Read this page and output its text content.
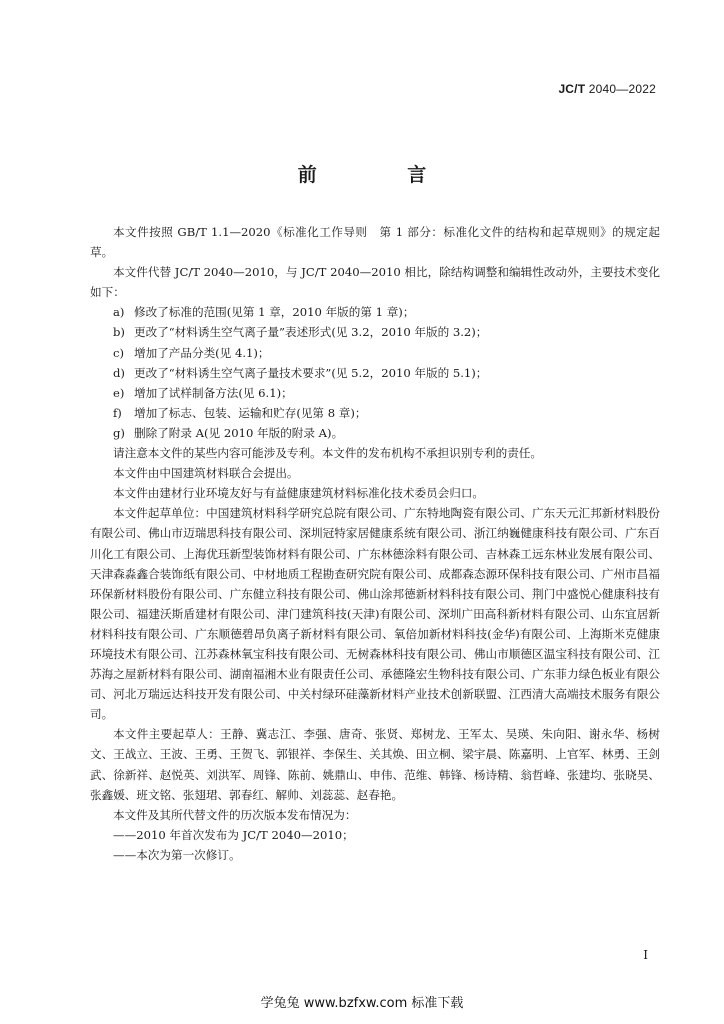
JC/T 2040—2022
前 言

本文件按照 GB/T 1.1—2020《标准化工作导则　第 1 部分：标准化文件的结构和起草规则》的规定起草。

本文件代替 JC/T 2040—2010，与 JC/T 2040—2010 相比，除结构调整和编辑性改动外，主要技术变化如下：

a) 修改了标准的范围(见第 1 章，2010 年版的第 1 章)；
b) 更改了“材料诱生空气离子量”表述形式(见 3.2，2010 年版的 3.2)；
c) 增加了产品分类(见 4.1)；
d) 更改了“材料诱生空气离子量技术要求”(见 5.2，2010 年版的 5.1)；
e) 增加了试样制备方法(见 6.1)；
f) 增加了标志、包装、运输和贮存(见第 8 章)；
g) 删除了附录 A(见 2010 年版的附录 A)。

请注意本文件的某些内容可能涉及专利。本文件的发布机构不承担识别专利的责任。

本文件由中国建筑材料联合会提出。

本文件由建材行业环境友好与有益健康建筑材料标准化技术委员会归口。

本文件起草单位：中国建筑材料科学研究总院有限公司、广东特地陶瓷有限公司、广东天元汇邦新材料股份有限公司、佛山市迈瑞思科技有限公司、深圳冠特家居健康系统有限公司、浙江纳巍健康科技有限公司、广东百川化工有限公司、上海优珏新型装饰材料有限公司、广东林德涂料有限公司、吉林森工远东林业发展有限公司、天津森淼鑫合装饰纸有限公司、中材地质工程勘查研究院有限公司、成都森态源环保科技有限公司、广州市昌福环保新材料股份有限公司、广东健立科技有限公司、佛山涂邦德新材料科技有限公司、荆门中盛悦心健康科技有限公司、福建沃斯盾建材有限公司、津门建筑科技(天津)有限公司、深圳广田高科新材料有限公司、山东宜居新材料科技有限公司、广东顺德碧昂负离子新材料有限公司、氧倍加新材料科技(金华)有限公司、上海斯米克健康环境技术有限公司、江苏森林氧宝科技有限公司、无树森林科技有限公司、佛山市顺德区温宝科技有限公司、江苏海之屋新材料有限公司、湖南福湘木业有限责任公司、承德隆宏生物科技有限公司、广东菲力绿色板业有限公司、河北万瑞远达科技开发有限公司、中关村绿环硅藻新材料产业技术创新联盟、江西清大高端技术服务有限公司。

本文件主要起草人：王静、冀志江、李强、唐奇、张贤、郑树龙、王军太、吴瑛、朱向阳、谢永华、杨树文、王战立、王波、王勇、王贺飞、郭银祥、李保生、关其焕、田立桐、梁宇晨、陈嘉明、上官军、林勇、王剑武、徐新祥、赵悦英、刘洪军、周锋、陈前、姚鼎山、申伟、范维、韩锋、杨诗精、翁哲峰、张建均、张晓昊、张鑫媛、班文铭、张翅珺、郭春红、解帅、刘蕊蕊、赵春艳。

本文件及其所代替文件的历次版本发布情况为：

——2010 年首次发布为 JC/T 2040—2010；

——本次为第一次修订。

I
学兔兔 www.bzfxw.com 标准下载
